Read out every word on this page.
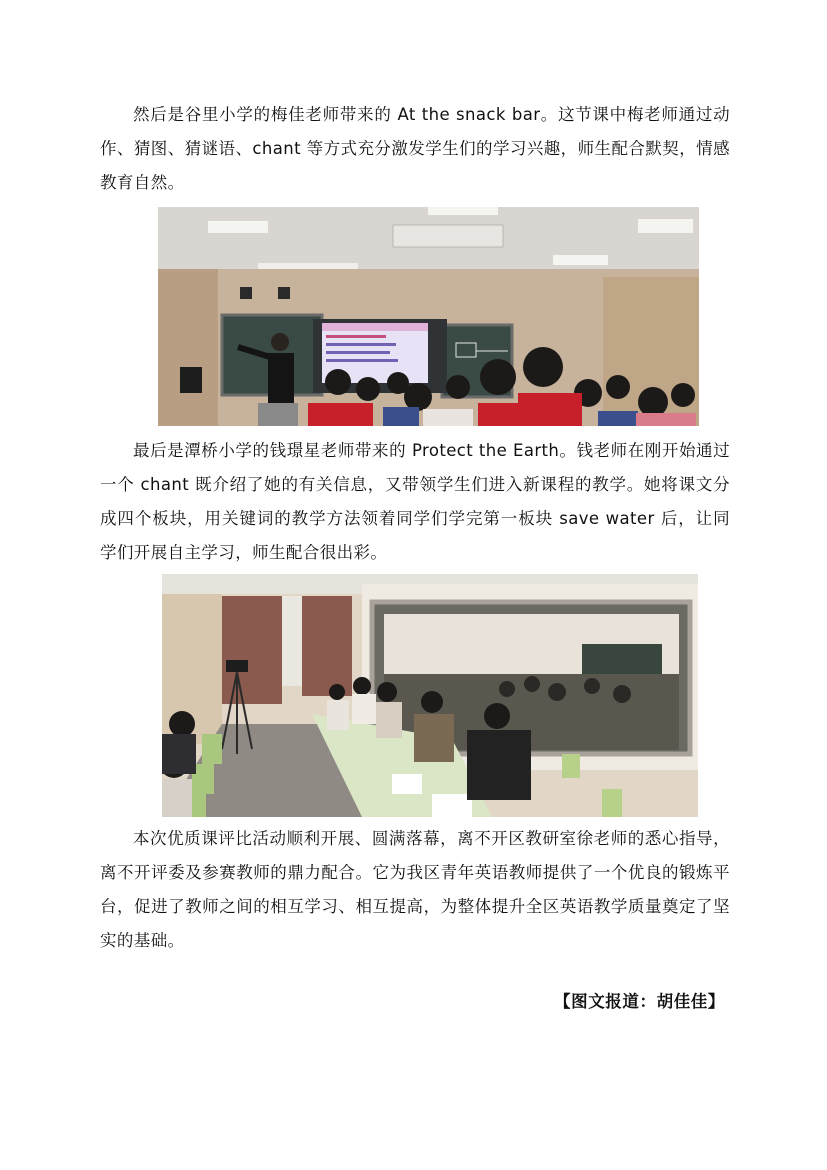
然后是谷里小学的梅佳老师带来的 At the snack bar。这节课中梅老师通过动作、猜图、猜谜语、chant 等方式充分激发学生们的学习兴趣，师生配合默契，情感教育自然。

最后是潭桥小学的钱璟星老师带来的 Protect the Earth。钱老师在刚开始通过一个 chant 既介绍了她的有关信息，又带领学生们进入新课程的教学。她将课文分成四个板块，用关键词的教学方法领着同学们学完第一板块 save water 后，让同学们开展自主学习，师生配合很出彩。

本次优质课评比活动顺利开展、圆满落幕，离不开区教研室徐老师的悉心指导，离不开评委及参赛教师的鼎力配合。它为我区青年英语教师提供了一个优良的锻炼平台，促进了教师之间的相互学习、相互提高，为整体提升全区英语教学质量奠定了坚实的基础。

【图文报道：胡佳佳】
